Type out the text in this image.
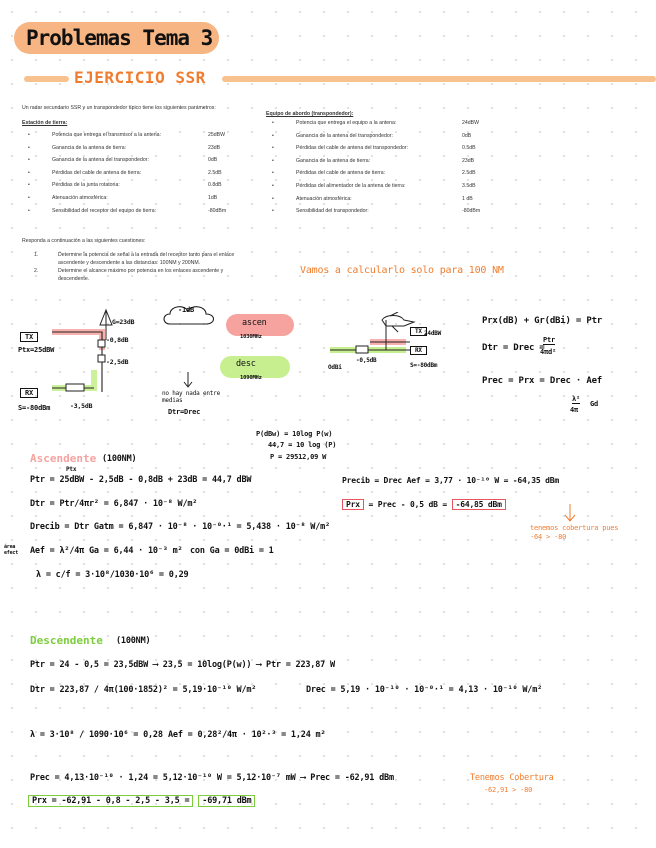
Problemas Tema 3
EJERCICIO SSR
Un radar secundario SSR y un transpondedor típico tiene los siguientes parámetros:
Estación de tierra:
•	Potencia que entrega el transmisor a la antena:	25dBW
•	Ganancia de la antena de tierra:	23dB
•	Ganancia de la antena del transpondedor:	0dB
•	Pérdidas del cable de antena de tierra:	2.5dB
•	Pérdidas de la junta rotatoria:	0.8dB
•	Atenuación atmosférica:	1dB
•	Sensibilidad del receptor del equipo de tierra:	-80dBm
Equipo de abordo (transpondedor):
•	Potencia que entrega el equipo a la antena:	24dBW
•	Ganancia de la antena del transpondedor:	0dB
•	Pérdidas del cable de antena del transpondedor:	0.5dB
•	Ganancia de la antena de tierra:	23dB
•	Pérdidas del cable de antena de tierra:	2.5dB
•	Pérdidas del alimentador de la antena de tierra:	3.5dB
•	Atenuación atmosférica:	1 dB
•	Sensibilidad del transpondedor:	-80dBm
Responda a continuación a las siguientes cuestiones:
1.	Determine la potencia de señal a la entrada del receptor tanto para el enlace
ascendente y descendente a las distancias: 100NM y 200NM.
2.	Determine el alcance máximo por potencia en los enlaces ascendente y
descendente.
Vamos a calcularlo solo para 100 NM
TX
Ptx=25dBW
RX
S=-80dBm
G=23dB
-0,8dB
-2,5dB
-3,5dB
-1dB
ascen
1030MHz
desc
1090MHz
no hay nada entre medias
Dtr=Drec
TX 24dBW
RX
-0,5dB
OdBi	S=-80dBm
Prx(dB) + Gr(dBi) = Ptr
Dtr = Drec =
Ptr
4πd²
Prec = Prx = Drec · Aef
λ²
4π
Gd
Ascendente (100NM)
P(dBw) = 10log P(w)
44,7 = 10 log (P)
P = 29512,09 W
Ptx
Ptr = 25dBW - 2,5dB - 0,8dB + 23dB = 44,7 dBW
Dtr = Ptr/4πr² = 6,847 · 10⁻⁸ W/m²
Drecib = Dtr Gatm = 6,847 · 10⁻⁸ · 10⁻⁰·¹ = 5,438 · 10⁻⁸ W/m²
área efect	Aef = λ²/4π Ga = 6,44 · 10⁻³ m² con Ga = 0dBi = 1
λ = c/f = 3·10⁸/1030·10⁶ = 0,29
Precib = Drec Aef = 3,77 · 10⁻¹⁰ W = -64,35 dBm
Prx = Prec - 0,5 dB = -64,85 dBm
tenemos cobertura pues -64 > -80
Descendente (100NM)
Ptr = 24 - 0,5 = 23,5dBW ⟶ 23,5 = 10log(P(w)) ⟶ Ptr = 223,87 W
Dtr = 223,87 / 4π(100·1852)² = 5,19·10⁻¹⁰ W/m²	Drec = 5,19 · 10⁻¹⁰ · 10⁻⁰·¹ = 4,13 · 10⁻¹⁰ W/m²
λ = 3·10⁸ / 1090·10⁶ = 0,28 Aef = 0,28²/4π · 10²·³ = 1,24 m²
Prec = 4,13·10⁻¹⁰ · 1,24 = 5,12·10⁻¹⁰ W = 5,12·10⁻⁷ mW ⟶ Prec = -62,91 dBm	Tenemos Cobertura
-62,91 > -80
Prx = -62,91 - 0,8 - 2,5 - 3,5 = -69,71 dBm
